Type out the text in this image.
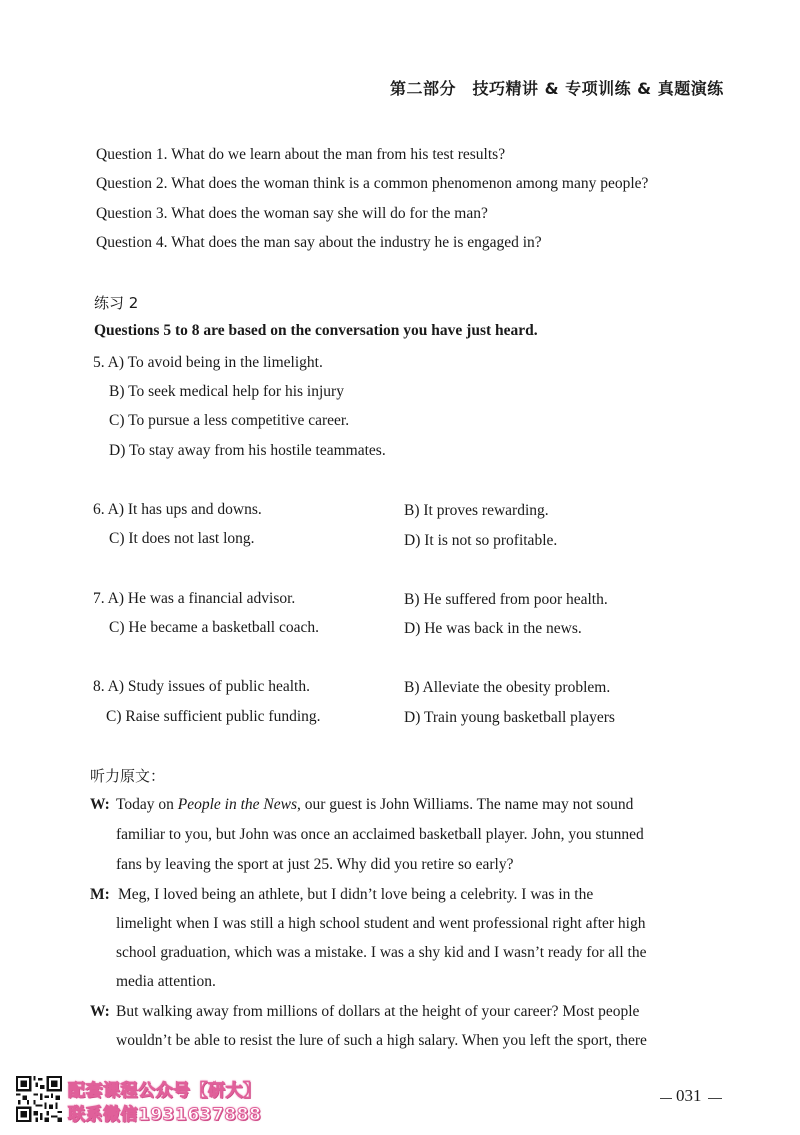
第二部分　技巧精讲 & 专项训练 & 真题演练
Question 1. What do we learn about the man from his test results?
Question 2. What does the woman think is a common phenomenon among many people?
Question 3. What does the woman say she will do for the man?
Question 4. What does the man say about the industry he is engaged in?
练习 2
Questions 5 to 8 are based on the conversation you have just heard.
5. A) To avoid being in the limelight.
B) To seek medical help for his injury
C) To pursue a less competitive career.
D) To stay away from his hostile teammates.
6. A) It has ups and downs.	B) It proves rewarding.
C) It does not last long.	D) It is not so profitable.
7. A) He was a financial advisor.	B) He suffered from poor health.
C) He became a basketball coach.	D) He was back in the news.
8. A) Study issues of public health.	B) Alleviate the obesity problem.
C) Raise sufficient public funding.	D) Train young basketball players
听力原文：
W: Today on People in the News, our guest is John Williams. The name may not sound
familiar to you, but John was once an acclaimed basketball player. John, you stunned
fans by leaving the sport at just 25. Why did you retire so early?
M: Meg, I loved being an athlete, but I didn’t love being a celebrity. I was in the
limelight when I was still a high school student and went professional right after high
school graduation, which was a mistake. I was a shy kid and I wasn’t ready for all the
media attention.
W: But walking away from millions of dollars at the height of your career? Most people
wouldn’t be able to resist the lure of such a high salary. When you left the sport, there
031
配套课程公众号【研大】
联系微信1931637888
